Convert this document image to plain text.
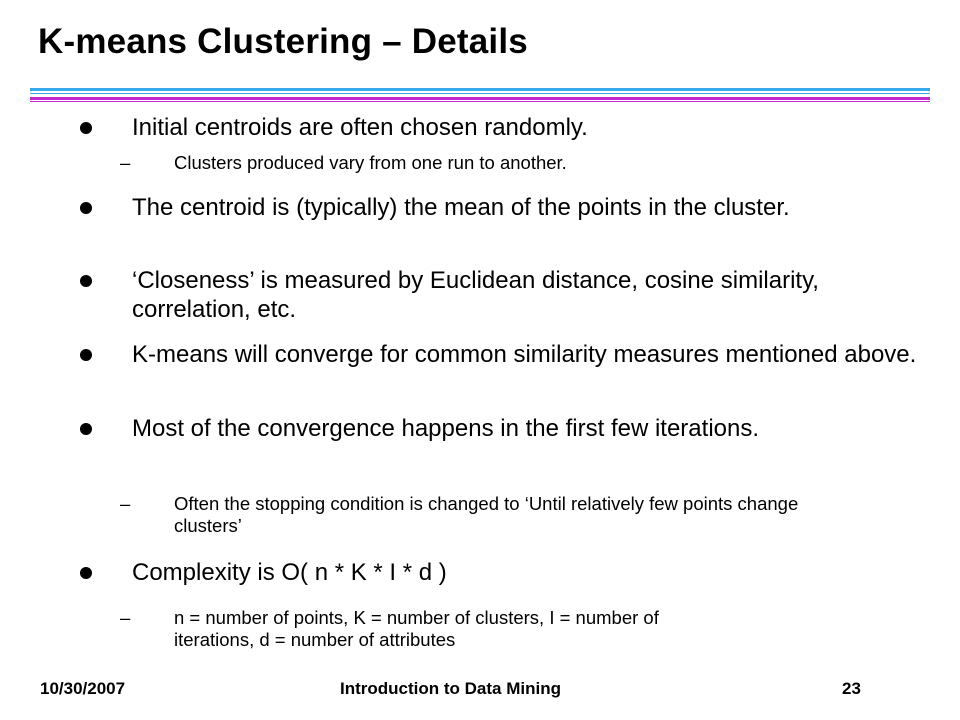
K-means Clustering – Details
Initial centroids are often chosen randomly.
– Clusters produced vary from one run to another.
The centroid is (typically) the mean of the points in the cluster.
‘Closeness’ is measured by Euclidean distance, cosine similarity, correlation, etc.
K-means will converge for common similarity measures mentioned above.
Most of the convergence happens in the first few iterations.
– Often the stopping condition is changed to ‘Until relatively few points change clusters’
Complexity is O( n * K * I * d )
– n = number of points, K = number of clusters, I = number of iterations, d = number of attributes
10/30/2007	Introduction to Data Mining	23
